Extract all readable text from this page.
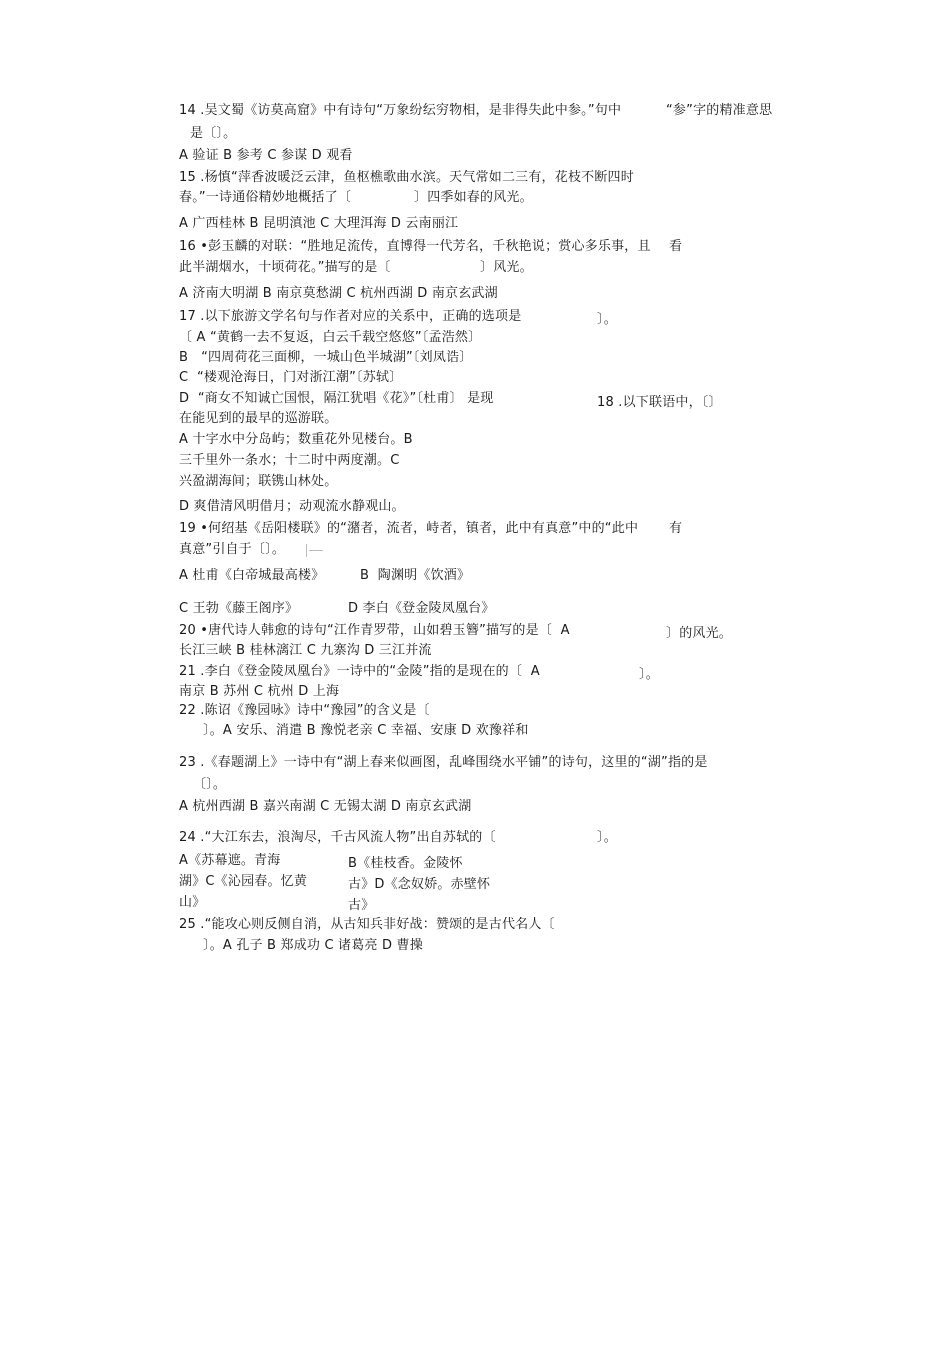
14 .吴文蜀《访莫高窟》中有诗句“万象纷纭穷物相，是非得失此中参。”句中	“参”字的精准意思
是〔〕。
A 验证 B 参考 C 参谋 D 观看
15 .杨慎“萍香波暖泛云津，鱼枢樵歌曲水滨。天气常如二三有，花枝不断四时
春。”一诗通俗精妙地概括了〔	〕四季如春的风光。
A 广西桂林 B 昆明滇池 C 大理洱海 D 云南丽江
16 •彭玉麟的对联：“胜地足流传，直博得一代芳名，千秋艳说；赏心多乐事，且 看
此半湖烟水，十顷荷花。”描写的是〔	〕风光。
A 济南大明湖 B 南京莫愁湖 C 杭州西湖 D 南京玄武湖
17 .以下旅游文学名句与作者对应的关系中，正确的选项是	〕。
〔 A “黄鹤一去不复返，白云千载空悠悠”〔孟浩然〕
B   “四周荷花三面柳，一城山色半城湖”〔刘凤诰〕
C  “楼观沧海日，门对浙江潮”〔苏轼〕
D  “商女不知诚亡国恨，隔江犹唱《花》”〔杜甫〕 是现	18 .以下联语中，〔〕
在能见到的最早的巡游联。
A 十字水中分岛屿；数重花外见楼台。B
三千里外一条水；十二时中两度潮。C
兴盈湖海间；联镌山林处。
D 爽借清风明借月；动观流水静观山。
19 •何绍基《岳阳楼联》的“潴者，流者，峙者，镇者，此中有真意”中的“此中 有
真意”引自于〔〕。
A 杜甫《白帝城最高楼》	B  陶渊明《饮酒》
C 王勃《藤王阁序》	D 李白《登金陵凤凰台》
20 •唐代诗人韩愈的诗句“江作青罗带，山如碧玉簪”描写的是〔  A	〕的风光。
长江三峡 B 桂林漓江 C 九寨沟 D 三江并流
21 .李白《登金陵凤凰台》一诗中的“金陵”指的是现在的〔  A	〕。
南京 B 苏州 C 杭州 D 上海
22 .陈诏《豫园咏》诗中“豫园”的含义是〔
〕。A 安乐、消遣 B 豫悦老亲 C 幸福、安康 D 欢豫祥和
23 .《春题湖上》一诗中有“湖上春来似画图，乱峰围绕水平铺”的诗句，这里的“湖”指的是
〔〕。
A 杭州西湖 B 嘉兴南湖 C 无锡太湖 D 南京玄武湖
24 .“大江东去，浪淘尽，千古风流人物”出自苏轼的〔	〕。
A《苏幕遮。青海	B《桂枝香。金陵怀
湖》C《沁园春。忆黄	古》D《念奴娇。赤壁怀
山》	古》
25 .“能攻心则反侧自消，从古知兵非好战：赞颂的是古代名人〔
〕。A 孔子 B 郑成功 C 诸葛亮 D 曹操
